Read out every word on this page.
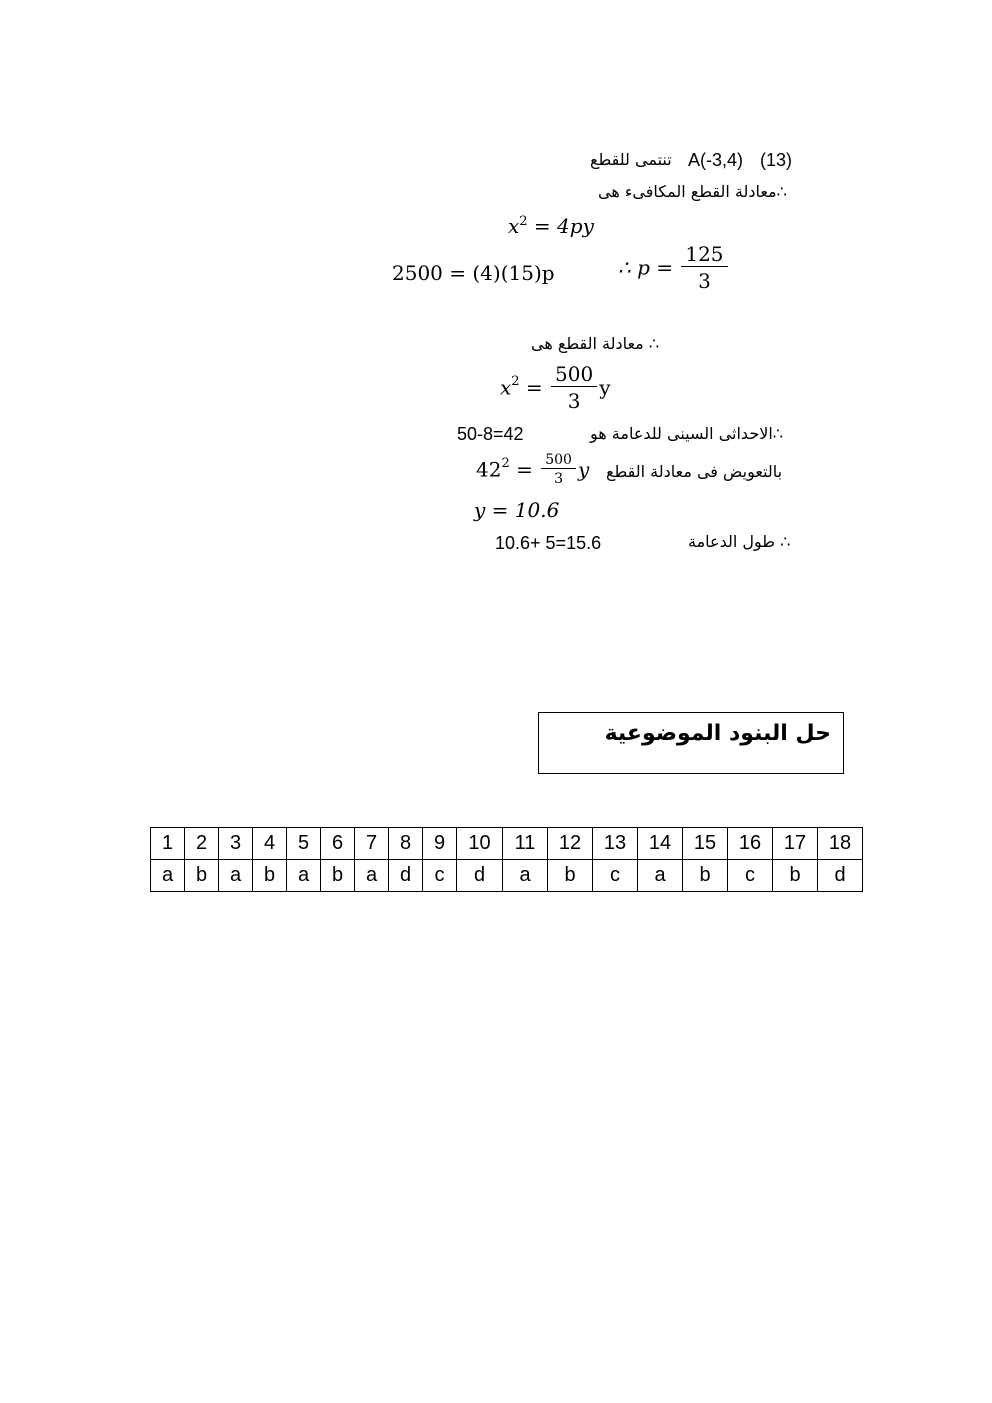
تنتمى للقطع A(-3,4) (13)
∴معادلة القطع المكافىء هى
$x^2 = 4py$
2500 = (4)(15)p	∴ $p = \frac{125}{3}$
∴ معادلة القطع هى
$x^2 = \frac{500}{3}$ y
50-8=42	∴الاحداثى السينى للدعامة هو
$42^2 = \frac{500}{3}$ y بالتعويض فى معادلة القطع
y = 10.6
10.6+ 5=15.6	∴ طول الدعامة
حل البنود الموضوعية
1	2	3	4	5	6	7	8	9	10	11	12	13	14	15	16	17	18
a	b	a	b	a	b	a	d	c	d	a	b	c	a	b	c	b	d
